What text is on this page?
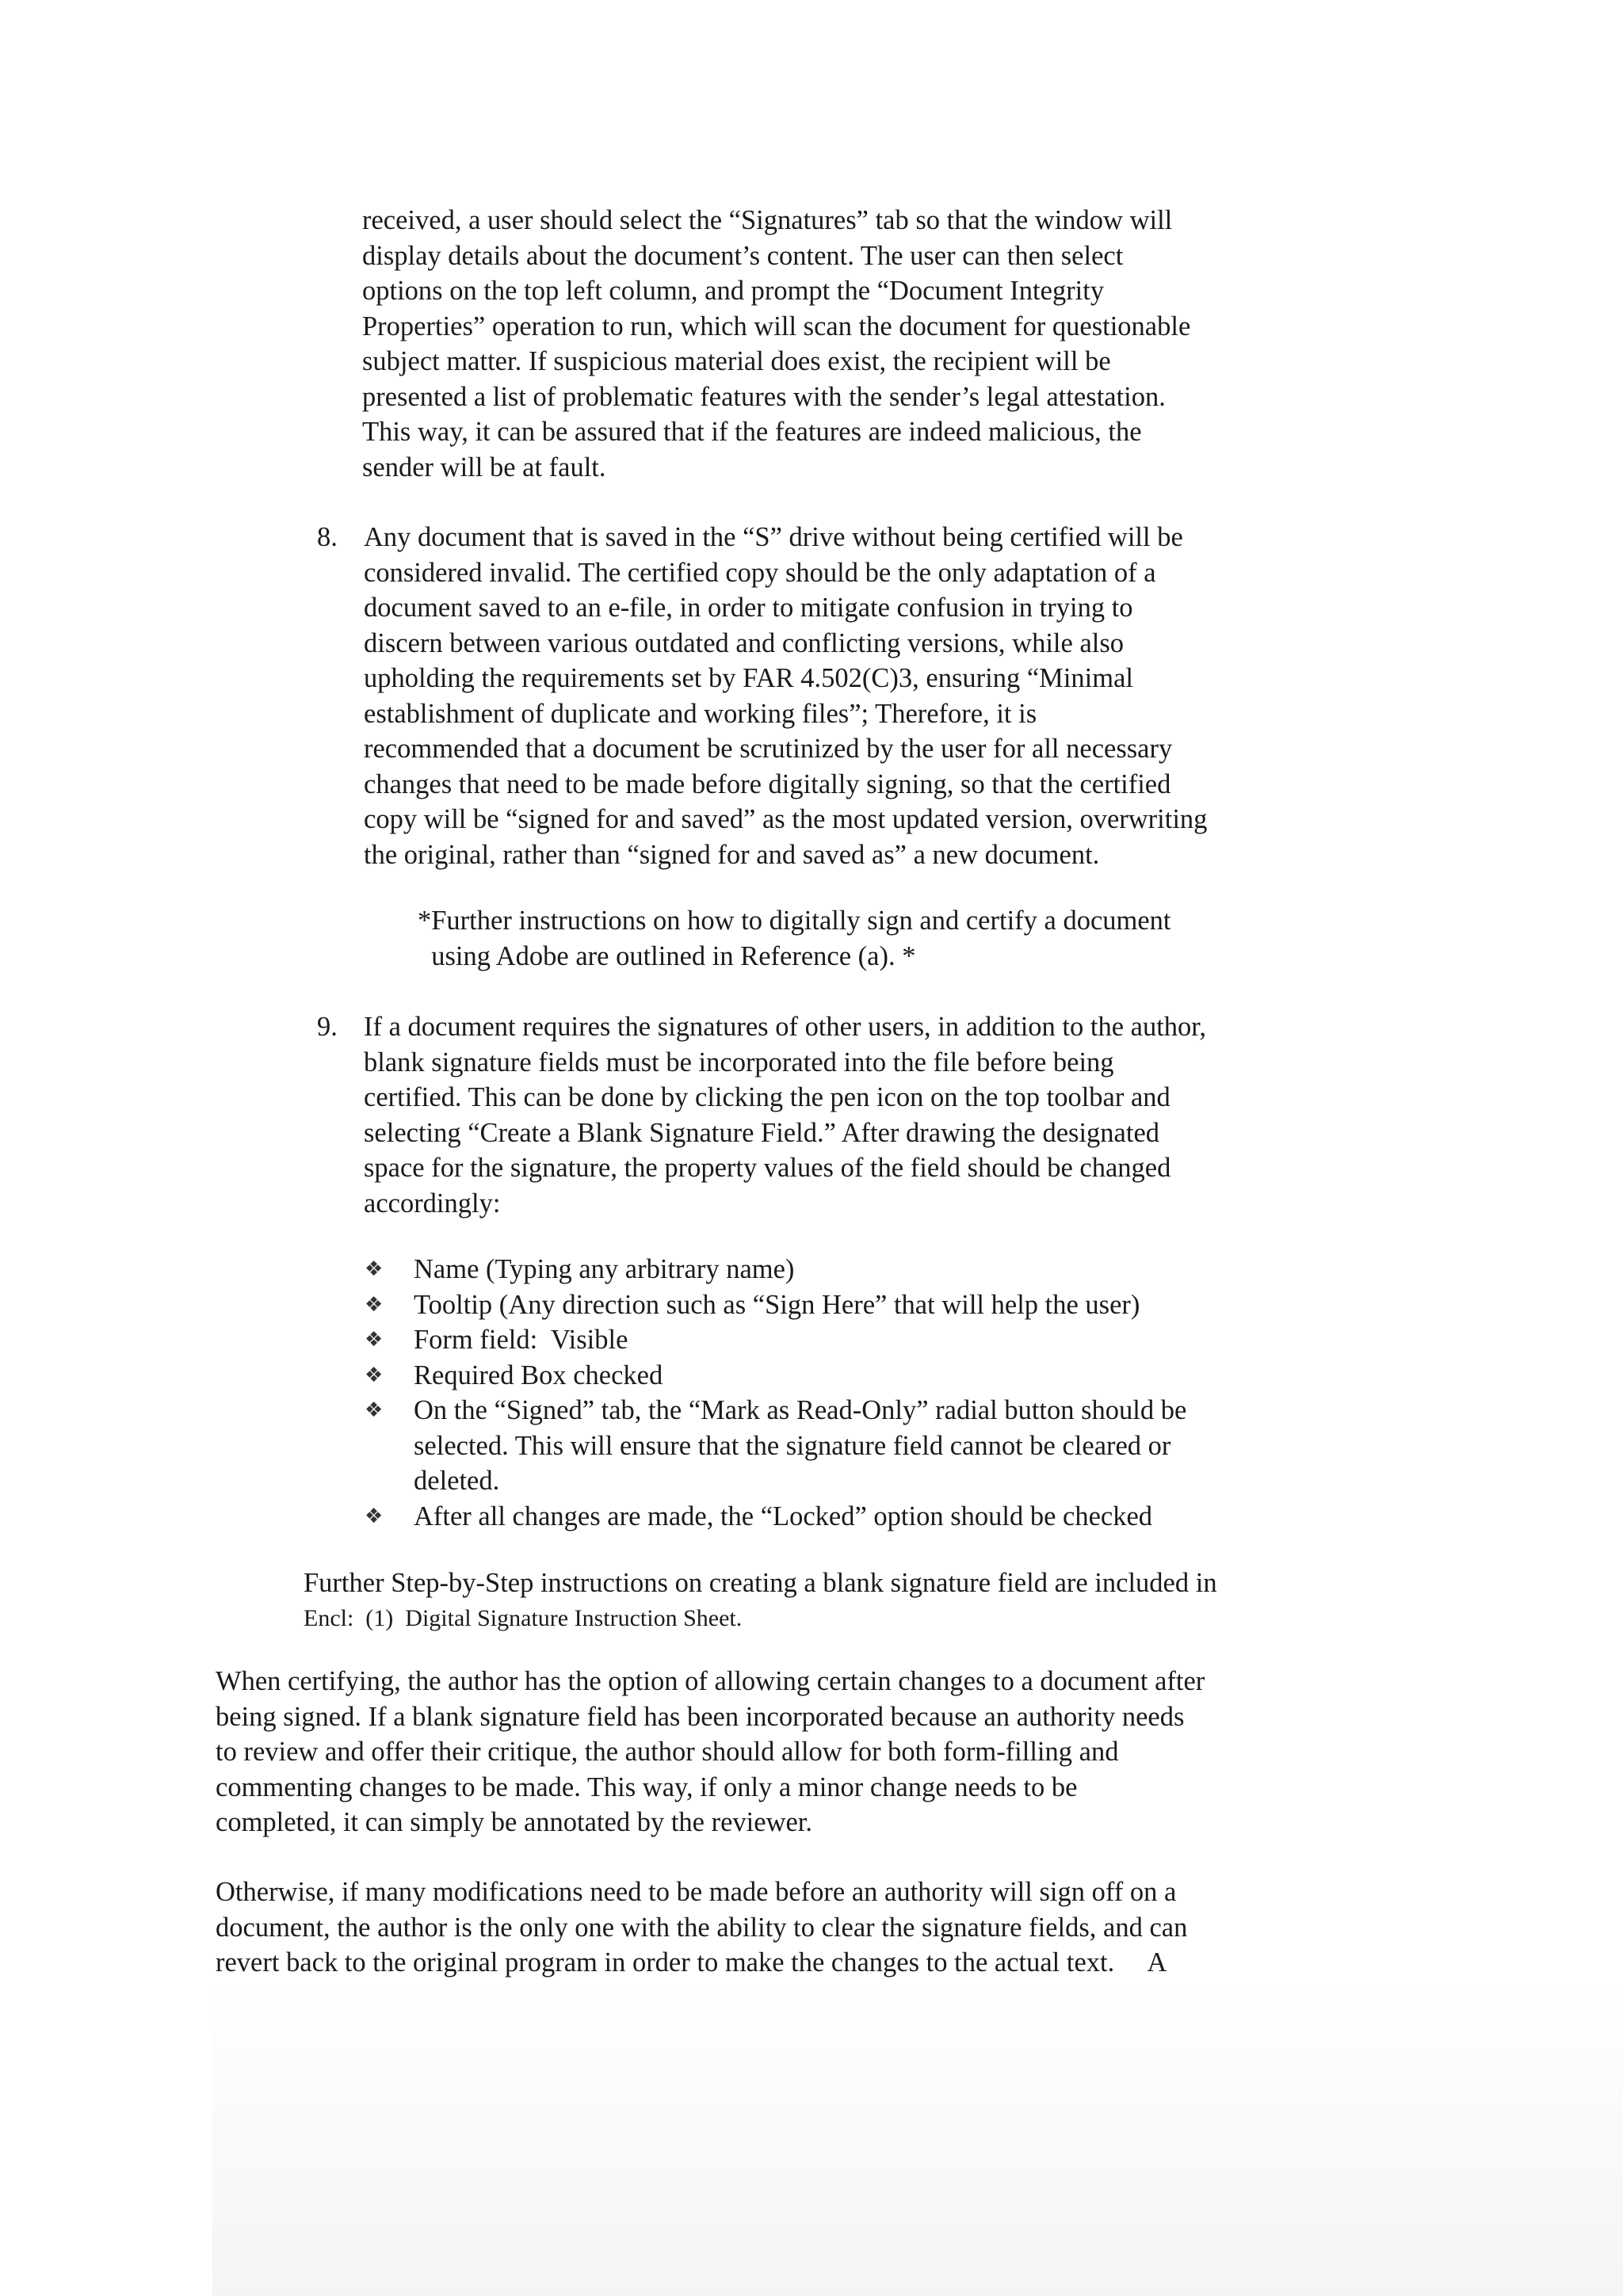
received, a user should select the “Signatures” tab so that the window will
display details about the document’s content. The user can then select
options on the top left column, and prompt the “Document Integrity
Properties” operation to run, which will scan the document for questionable
subject matter. If suspicious material does exist, the recipient will be
presented a list of problematic features with the sender’s legal attestation.
This way, it can be assured that if the features are indeed malicious, the
sender will be at fault.

8. Any document that is saved in the “S” drive without being certified will be
considered invalid. The certified copy should be the only adaptation of a
document saved to an e-file, in order to mitigate confusion in trying to
discern between various outdated and conflicting versions, while also
upholding the requirements set by FAR 4.502(C)3, ensuring “Minimal
establishment of duplicate and working files”; Therefore, it is
recommended that a document be scrutinized by the user for all necessary
changes that need to be made before digitally signing, so that the certified
copy will be “signed for and saved” as the most updated version, overwriting
the original, rather than “signed for and saved as” a new document.

*Further instructions on how to digitally sign and certify a document
using Adobe are outlined in Reference (a). *

9. If a document requires the signatures of other users, in addition to the author,
blank signature fields must be incorporated into the file before being
certified. This can be done by clicking the pen icon on the top toolbar and
selecting “Create a Blank Signature Field.” After drawing the designated
space for the signature, the property values of the field should be changed
accordingly:

❖ Name (Typing any arbitrary name)
❖ Tooltip (Any direction such as “Sign Here” that will help the user)
❖ Form field:  Visible
❖ Required Box checked
❖ On the “Signed” tab, the “Mark as Read-Only” radial button should be
selected. This will ensure that the signature field cannot be cleared or
deleted.
❖ After all changes are made, the “Locked” option should be checked

Further Step-by-Step instructions on creating a blank signature field are included in
Encl:  (1)  Digital Signature Instruction Sheet.

When certifying, the author has the option of allowing certain changes to a document after
being signed. If a blank signature field has been incorporated because an authority needs
to review and offer their critique, the author should allow for both form-filling and
commenting changes to be made. This way, if only a minor change needs to be
completed, it can simply be annotated by the reviewer.

Otherwise, if many modifications need to be made before an authority will sign off on a
document, the author is the only one with the ability to clear the signature fields, and can
revert back to the original program in order to make the changes to the actual text.     A
